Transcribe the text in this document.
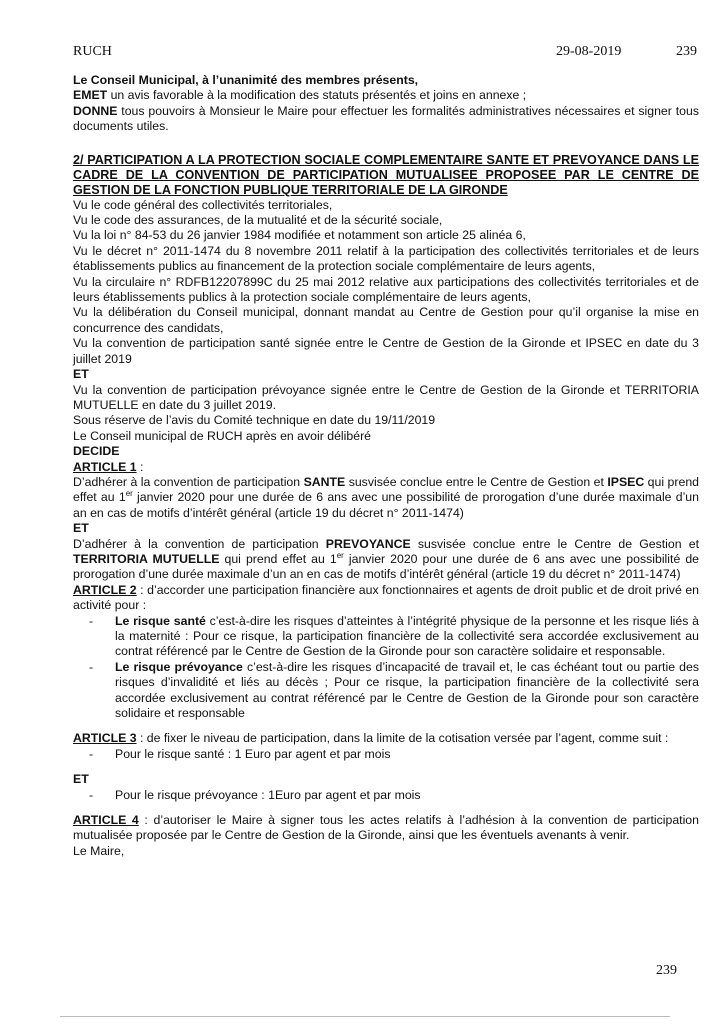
RUCH	29-08-2019	239

Le Conseil Municipal, à l’unanimité des membres présents,

EMET un avis favorable à la modification des statuts présentés et joins en annexe ;

DONNE tous pouvoirs à Monsieur le Maire pour effectuer les formalités administratives nécessaires et signer tous documents utiles.

2/ PARTICIPATION A LA PROTECTION SOCIALE COMPLEMENTAIRE SANTE ET PREVOYANCE DANS LE CADRE DE LA CONVENTION DE PARTICIPATION MUTUALISEE PROPOSEE PAR LE CENTRE DE GESTION DE LA FONCTION PUBLIQUE TERRITORIALE DE LA GIRONDE

Vu le code général des collectivités territoriales,

Vu le code des assurances, de la mutualité et de la sécurité sociale,

Vu la loi n° 84-53 du 26 janvier 1984 modifiée et notamment son article 25 alinéa 6,

Vu le décret n° 2011-1474 du 8 novembre 2011 relatif à la participation des collectivités territoriales et de leurs établissements publics au financement de la protection sociale complémentaire de leurs agents,

Vu la circulaire n° RDFB12207899C du 25 mai 2012 relative aux participations des collectivités territoriales et de leurs établissements publics à la protection sociale complémentaire de leurs agents,

Vu la délibération du Conseil municipal, donnant mandat au Centre de Gestion pour qu’il organise la mise en concurrence des candidats,

Vu la convention de participation santé signée entre le Centre de Gestion de la Gironde et IPSEC en date du 3 juillet 2019

ET

Vu la convention de participation prévoyance signée entre le Centre de Gestion de la Gironde et TERRITORIA MUTUELLE en date du 3 juillet 2019.

Sous réserve de l’avis du Comité technique en date du 19/11/2019

Le Conseil municipal de RUCH après en avoir délibéré

DECIDE

ARTICLE 1 :

D’adhérer à la convention de participation SANTE susvisée conclue entre le Centre de Gestion et IPSEC qui prend effet au 1er janvier 2020 pour une durée de 6 ans avec une possibilité de prorogation d’une durée maximale d’un an en cas de motifs d’intérêt général (article 19 du décret n° 2011-1474)

ET

D’adhérer à la convention de participation PREVOYANCE susvisée conclue entre le Centre de Gestion et TERRITORIA MUTUELLE qui prend effet au 1er janvier 2020 pour une durée de 6 ans avec une possibilité de prorogation d’une durée maximale d’un an en cas de motifs d’intérêt général (article 19 du décret n° 2011-1474)

ARTICLE 2 : d’accorder une participation financière aux fonctionnaires et agents de droit public et de droit privé en activité pour :

- Le risque santé c’est-à-dire les risques d’atteintes à l’intégrité physique de la personne et les risque liés à la maternité : Pour ce risque, la participation financière de la collectivité sera accordée exclusivement au contrat référencé par le Centre de Gestion de la Gironde pour son caractère solidaire et responsable.
- Le risque prévoyance c’est-à-dire les risques d’incapacité de travail et, le cas échéant tout ou partie des risques d’invalidité et liés au décès ; Pour ce risque, la participation financière de la collectivité sera accordée exclusivement au contrat référencé par le Centre de Gestion de la Gironde pour son caractère solidaire et responsable

ARTICLE 3 : de fixer le niveau de participation, dans la limite de la cotisation versée par l’agent, comme suit :

- Pour le risque santé : 1 Euro par agent et par mois

ET

- Pour le risque prévoyance : 1Euro par agent et par mois

ARTICLE 4 : d’autoriser le Maire à signer tous les actes relatifs à l’adhésion à la convention de participation mutualisée proposée par le Centre de Gestion de la Gironde, ainsi que les éventuels avenants à venir.

Le Maire,

239
